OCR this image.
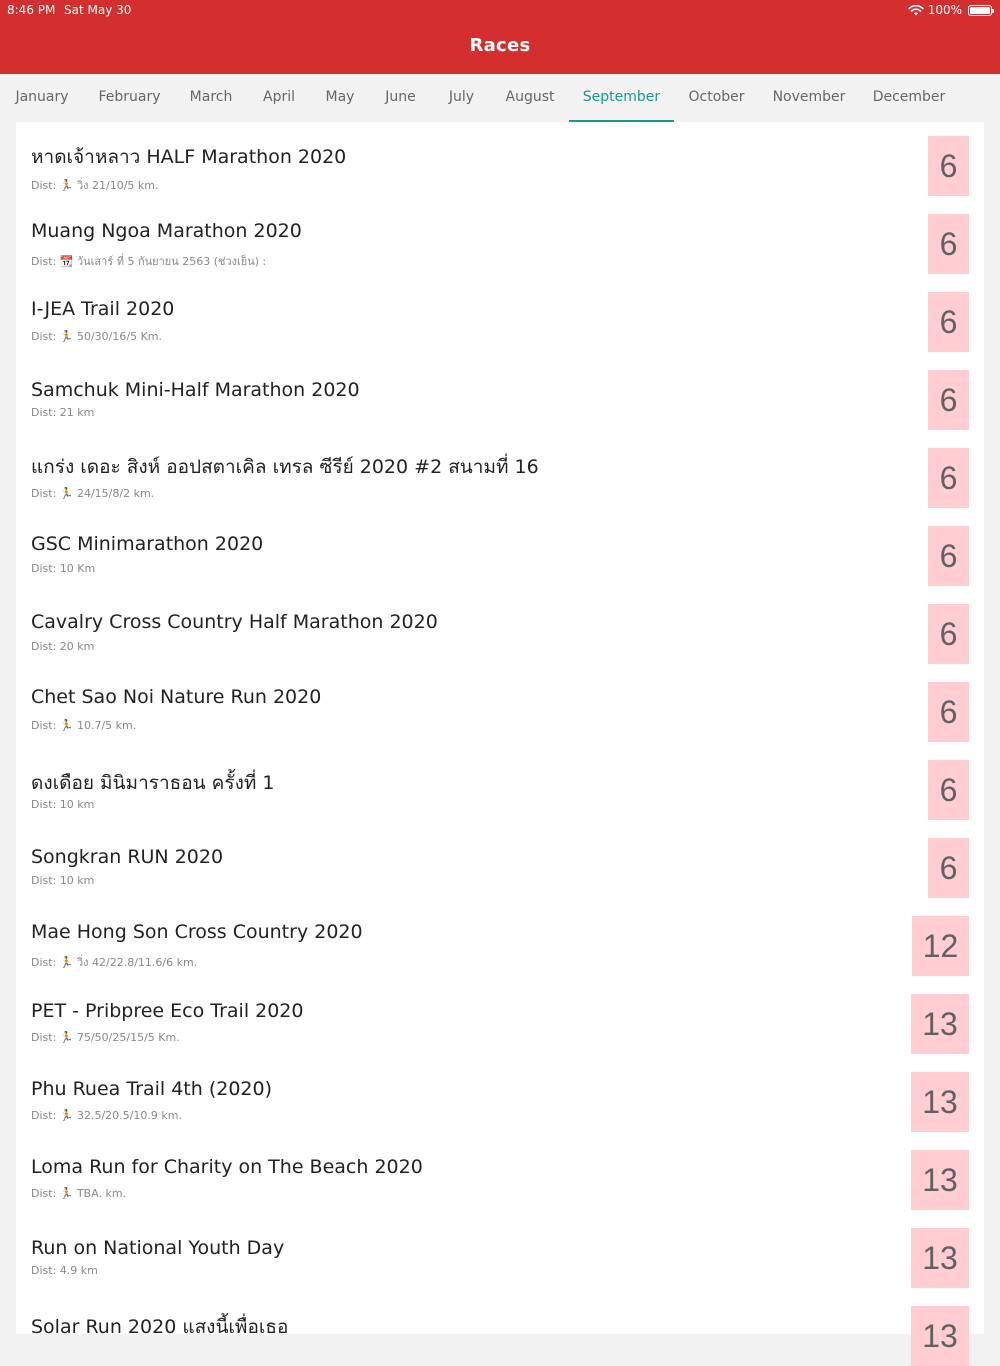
8:46 PM Sat May 30	100%
Races
January	February	March	April	May	June	July	August	September	October	November	December
หาดเจ้าหลาว HALF Marathon 2020
Dist: 🏃 วิ่ง 21/10/5 km.
6
Muang Ngoa Marathon 2020
Dist: 📆 วันเสาร์ ที่ 5 กันยายน 2563 (ช่วงเย็น) :	6
I-JEA Trail 2020
Dist: 🏃 50/30/16/5 Km.	6
Samchuk Mini-Half Marathon 2020
Dist: 21 km	6
แกร่ง เดอะ สิงห์ ออปสตาเคิล เทรล ซีรีย์ 2020 #2 สนามที่ 16
Dist: 🏃 24/15/8/2 km.	6
GSC Minimarathon 2020
Dist: 10 Km	6
Cavalry Cross Country Half Marathon 2020
Dist: 20 km	6
Chet Sao Noi Nature Run 2020
Dist: 🏃 10.7/5 km.	6
ดงเดือย มินิมาราธอน ครั้งที่ 1
Dist: 10 km	6
Songkran RUN 2020
Dist: 10 km	6
Mae Hong Son Cross Country 2020
Dist: 🏃 วิ่ง 42/22.8/11.6/6 km.	12
PET - Pribpree Eco Trail 2020
Dist: 🏃 75/50/25/15/5 Km.	13
Phu Ruea Trail 4th (2020)
Dist: 🏃 32.5/20.5/10.9 km.	13
Loma Run for Charity on The Beach 2020
Dist: 🏃 TBA. km.	13
Run on National Youth Day
Dist: 4.9 km	13
Solar Run 2020 แสงนี้เพื่อเธอ	13
